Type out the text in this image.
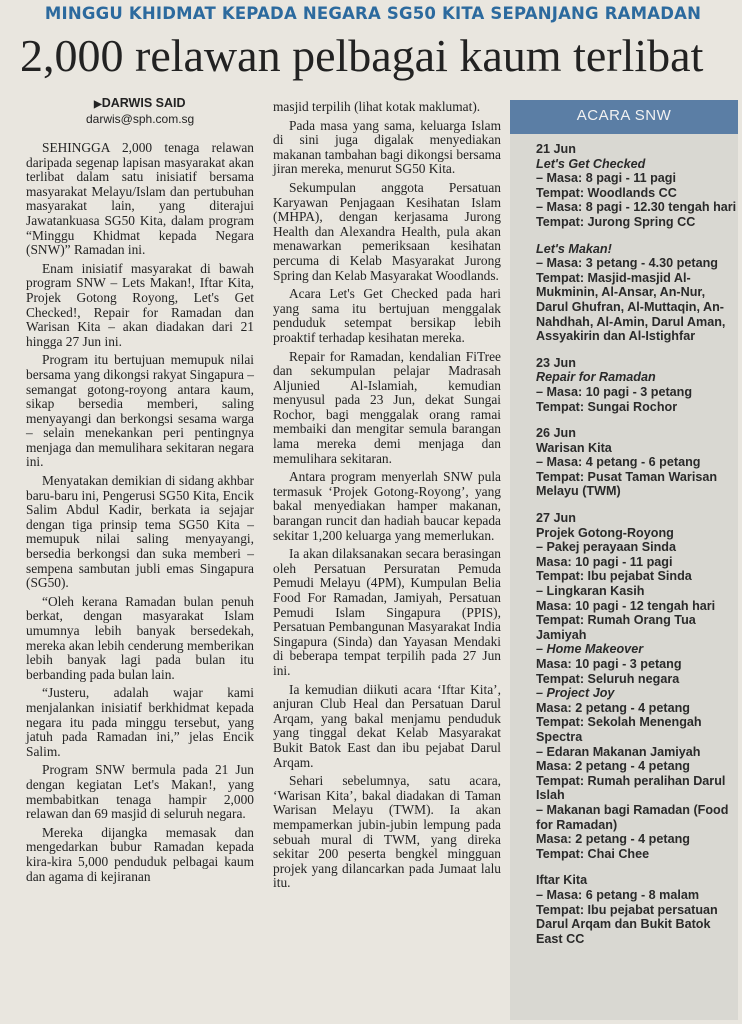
MINGGU KHIDMAT KEPADA NEGARA SG50 KITA SEPANJANG RAMADAN
2,000 relawan pelbagai kaum terlibat
▶DARWIS SAID
darwis@sph.com.sg

SEHINGGA 2,000 tenaga relawan daripada segenap lapisan masyarakat akan terlibat dalam satu inisiatif bersama masyarakat Melayu/Islam dan pertubuhan masyarakat lain, yang diterajui Jawatankuasa SG50 Kita, dalam program “Minggu Khidmat kepada Negara (SNW)” Ramadan ini.

Enam inisiatif masyarakat di bawah program SNW – Lets Makan!, Iftar Kita, Projek Gotong Royong, Let's Get Checked!, Repair for Ramadan dan Warisan Kita – akan diadakan dari 21 hingga 27 Jun ini.

Program itu bertujuan memupuk nilai bersama yang dikongsi rakyat Singapura – semangat gotong-royong antara kaum, sikap bersedia memberi, saling menyayangi dan berkongsi sesama warga – selain menekankan peri pentingnya menjaga dan memulihara sekitaran negara ini.

Menyatakan demikian di sidang akhbar baru-baru ini, Pengerusi SG50 Kita, Encik Salim Abdul Kadir, berkata ia sejajar dengan tiga prinsip tema SG50 Kita – memupuk nilai saling menyayangi, bersedia berkongsi dan suka memberi – sempena sambutan jubli emas Singapura (SG50).

“Oleh kerana Ramadan bulan penuh berkat, dengan masyarakat Islam umumnya lebih banyak bersedekah, mereka akan lebih cenderung memberikan lebih banyak lagi pada bulan itu berbanding pada bulan lain.

“Justeru, adalah wajar kami menjalankan inisiatif berkhidmat kepada negara itu pada minggu tersebut, yang jatuh pada Ramadan ini,” jelas Encik Salim.

Program SNW bermula pada 21 Jun dengan kegiatan Let's Makan!, yang membabitkan tenaga hampir 2,000 relawan dan 69 masjid di seluruh negara.

Mereka dijangka memasak dan mengedarkan bubur Ramadan kepada kira-kira 5,000 penduduk pelbagai kaum dan agama di kejiranan

masjid terpilih (lihat kotak maklumat).

Pada masa yang sama, keluarga Islam di sini juga digalak menyediakan makanan tambahan bagi dikongsi bersama jiran mereka, menurut SG50 Kita.

Sekumpulan anggota Persatuan Karyawan Penjagaan Kesihatan Islam (MHPA), dengan kerjasama Jurong Health dan Alexandra Health, pula akan menawarkan pemeriksaan kesihatan percuma di Kelab Masyarakat Jurong Spring dan Kelab Masyarakat Woodlands.

Acara Let's Get Checked pada hari yang sama itu bertujuan menggalak penduduk setempat bersikap lebih proaktif terhadap kesihatan mereka.

Repair for Ramadan, kendalian FiTree dan sekumpulan pelajar Madrasah Aljunied Al-Islamiah, kemudian menyusul pada 23 Jun, dekat Sungai Rochor, bagi menggalak orang ramai membaiki dan mengitar semula barangan lama mereka demi menjaga dan memulihara sekitaran.

Antara program menyerlah SNW pula termasuk ‘Projek Gotong-Royong’, yang bakal menyediakan hamper makanan, barangan runcit dan hadiah baucar kepada sekitar 1,200 keluarga yang memerlukan.

Ia akan dilaksanakan secara berasingan oleh Persatuan Persuratan Pemuda Pemudi Melayu (4PM), Kumpulan Belia Food For Ramadan, Jamiyah, Persatuan Pemudi Islam Singapura (PPIS), Persatuan Pembangunan Masyarakat India Singapura (Sinda) dan Yayasan Mendaki di beberapa tempat terpilih pada 27 Jun ini.

Ia kemudian diikuti acara ‘Iftar Kita’, anjuran Club Heal dan Persatuan Darul Arqam, yang bakal menjamu penduduk yang tinggal dekat Kelab Masyarakat Bukit Batok East dan ibu pejabat Darul Arqam.

Sehari sebelumnya, satu acara, ‘Warisan Kita’, bakal diadakan di Taman Warisan Melayu (TWM). Ia akan mempamerkan jubin-jubin lempung pada sebuah mural di TWM, yang direka sekitar 200 peserta bengkel mingguan projek yang dilancarkan pada Jumaat lalu itu.

ACARA SNW
21 Jun
Let's Get Checked
– Masa: 8 pagi - 11 pagi
Tempat: Woodlands CC
– Masa: 8 pagi - 12.30 tengah hari
Tempat: Jurong Spring CC
Let's Makan!
– Masa: 3 petang - 4.30 petang
Tempat: Masjid-masjid Al-Mukminin, Al-Ansar, An-Nur, Darul Ghufran, Al-Muttaqin, An-Nahdhah, Al-Amin, Darul Aman, Assyakirin dan Al-Istighfar
23 Jun
Repair for Ramadan
– Masa: 10 pagi - 3 petang
Tempat: Sungai Rochor
26 Jun
Warisan Kita
– Masa: 4 petang - 6 petang
Tempat: Pusat Taman Warisan Melayu (TWM)
27 Jun
Projek Gotong-Royong
– Pakej perayaan Sinda
Masa: 10 pagi - 11 pagi
Tempat: Ibu pejabat Sinda
– Lingkaran Kasih
Masa: 10 pagi - 12 tengah hari
Tempat: Rumah Orang Tua Jamiyah
– Home Makeover
Masa: 10 pagi - 3 petang
Tempat: Seluruh negara
– Project Joy
Masa: 2 petang - 4 petang
Tempat: Sekolah Menengah Spectra
– Edaran Makanan Jamiyah
Masa: 2 petang - 4 petang
Tempat: Rumah peralihan Darul Islah
– Makanan bagi Ramadan (Food for Ramadan)
Masa: 2 petang - 4 petang
Tempat: Chai Chee
Iftar Kita
– Masa: 6 petang - 8 malam
Tempat: Ibu pejabat persatuan Darul Arqam dan Bukit Batok East CC
